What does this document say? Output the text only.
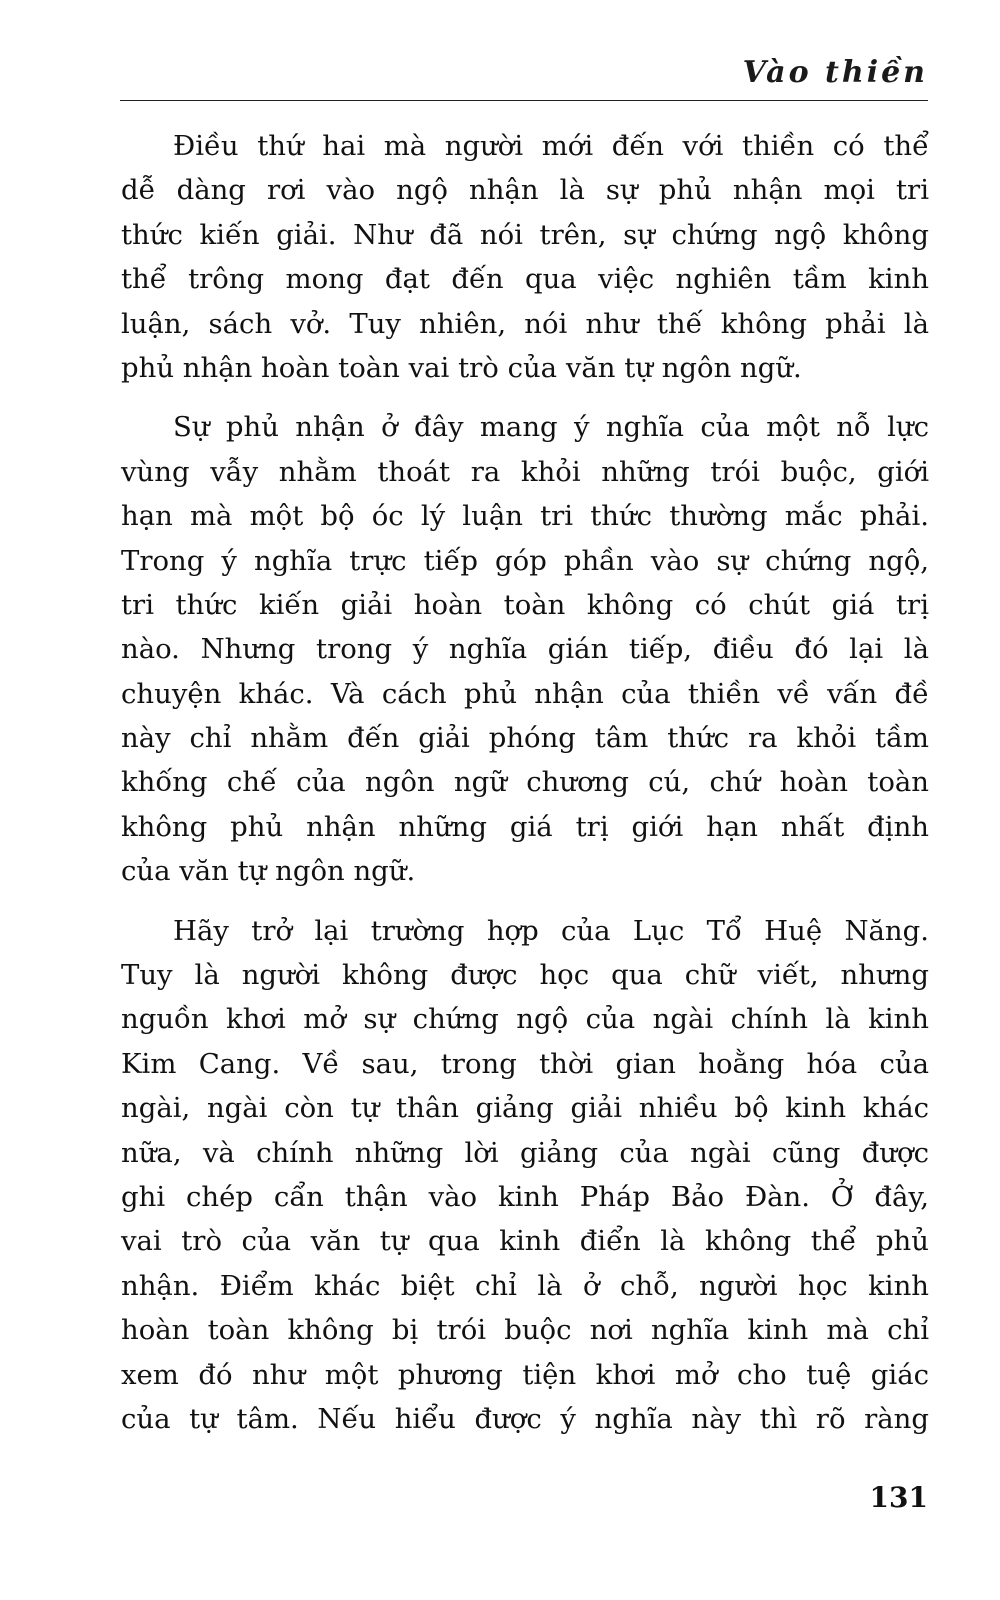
Vào thiền
Điều thứ hai mà người mới đến với thiền có thể
dễ dàng rơi vào ngộ nhận là sự phủ nhận mọi tri
thức kiến giải. Như đã nói trên, sự chứng ngộ không
thể trông mong đạt đến qua việc nghiên tầm kinh
luận, sách vở. Tuy nhiên, nói như thế không phải là
phủ nhận hoàn toàn vai trò của văn tự ngôn ngữ.
Sự phủ nhận ở đây mang ý nghĩa của một nỗ lực
vùng vẫy nhằm thoát ra khỏi những trói buộc, giới
hạn mà một bộ óc lý luận tri thức thường mắc phải.
Trong ý nghĩa trực tiếp góp phần vào sự chứng ngộ,
tri thức kiến giải hoàn toàn không có chút giá trị
nào. Nhưng trong ý nghĩa gián tiếp, điều đó lại là
chuyện khác. Và cách phủ nhận của thiền về vấn đề
này chỉ nhằm đến giải phóng tâm thức ra khỏi tầm
khống chế của ngôn ngữ chương cú, chứ hoàn toàn
không phủ nhận những giá trị giới hạn nhất định
của văn tự ngôn ngữ.
Hãy trở lại trường hợp của Lục Tổ Huệ Năng.
Tuy là người không được học qua chữ viết, nhưng
nguồn khơi mở sự chứng ngộ của ngài chính là kinh
Kim Cang. Về sau, trong thời gian hoằng hóa của
ngài, ngài còn tự thân giảng giải nhiều bộ kinh khác
nữa, và chính những lời giảng của ngài cũng được
ghi chép cẩn thận vào kinh Pháp Bảo Đàn. Ở đây,
vai trò của văn tự qua kinh điển là không thể phủ
nhận. Điểm khác biệt chỉ là ở chỗ, người học kinh
hoàn toàn không bị trói buộc nơi nghĩa kinh mà chỉ
xem đó như một phương tiện khơi mở cho tuệ giác
của tự tâm. Nếu hiểu được ý nghĩa này thì rõ ràng
131
